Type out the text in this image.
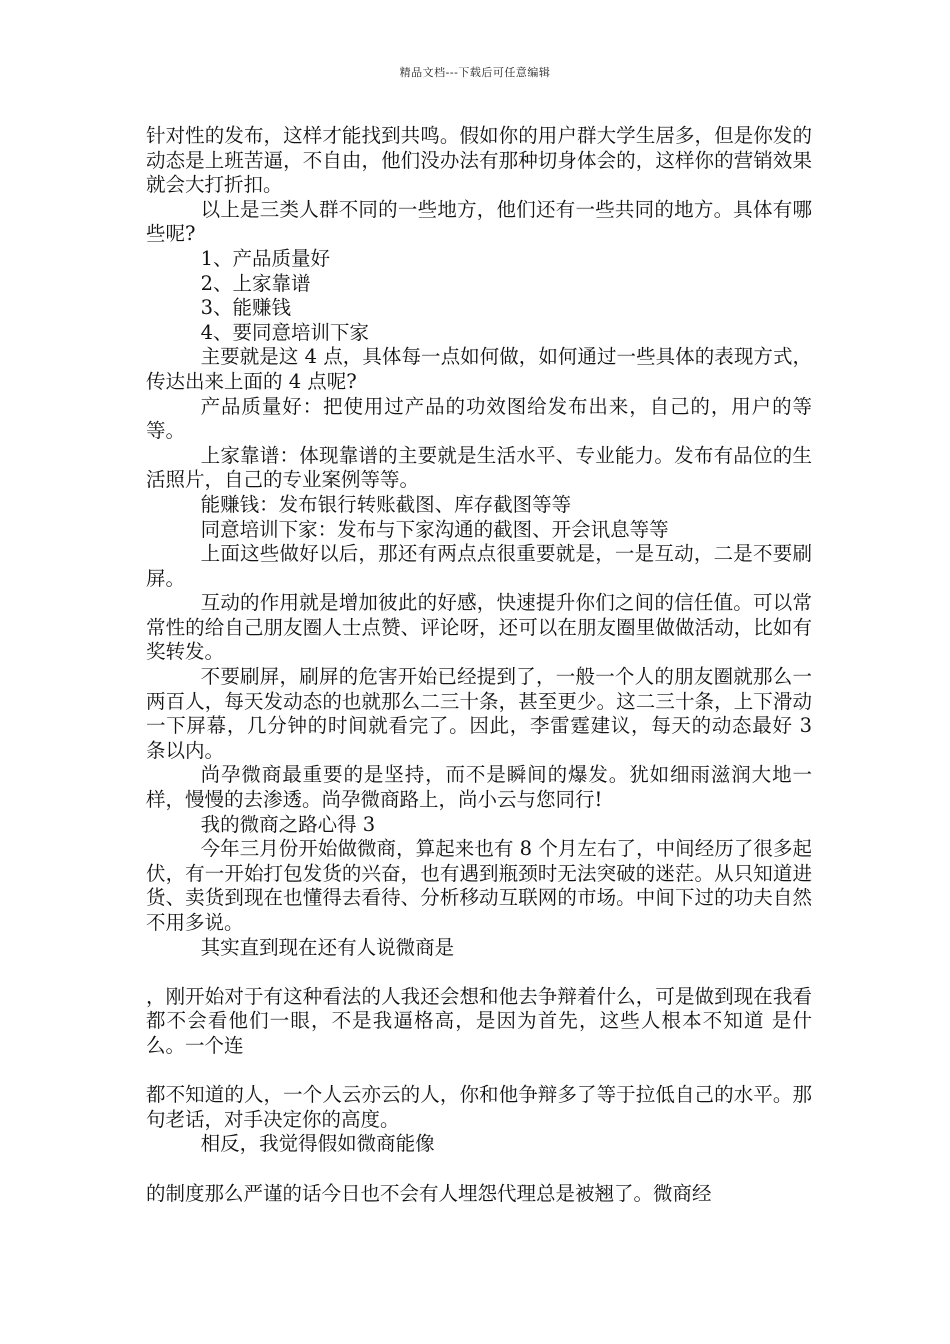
精品文档---下载后可任意编辑

针对性的发布，这样才能找到共鸣。假如你的用户群大学生居多，但是你发的动态是上班苦逼，不自由，他们没办法有那种切身体会的，这样你的营销效果就会大打折扣。

以上是三类人群不同的一些地方，他们还有一些共同的地方。具体有哪些呢?

1、产品质量好

2、上家靠谱

3、能赚钱

4、要同意培训下家

主要就是这 4 点，具体每一点如何做，如何通过一些具体的表现方式，传达出来上面的 4 点呢?

产品质量好：把使用过产品的功效图给发布出来，自己的，用户的等等。

上家靠谱：体现靠谱的主要就是生活水平、专业能力。发布有品位的生活照片，自己的专业案例等等。

能赚钱：发布银行转账截图、库存截图等等

同意培训下家：发布与下家沟通的截图、开会讯息等等

上面这些做好以后，那还有两点点很重要就是，一是互动，二是不要刷屏。

互动的作用就是增加彼此的好感，快速提升你们之间的信任值。可以常常性的给自己朋友圈人士点赞、评论呀，还可以在朋友圈里做做活动，比如有奖转发。

不要刷屏，刷屏的危害开始已经提到了，一般一个人的朋友圈就那么一两百人，每天发动态的也就那么二三十条，甚至更少。这二三十条，上下滑动一下屏幕，几分钟的时间就看完了。因此，李雷霆建议，每天的动态最好 3 条以内。

尚孕微商最重要的是坚持，而不是瞬间的爆发。犹如细雨滋润大地一样，慢慢的去渗透。尚孕微商路上，尚小云与您同行!

我的微商之路心得 3

今年三月份开始做微商，算起来也有 8 个月左右了，中间经历了很多起伏，有一开始打包发货的兴奋，也有遇到瓶颈时无法突破的迷茫。从只知道进货、卖货到现在也懂得去看待、分析移动互联网的市场。中间下过的功夫自然不用多说。

其实直到现在还有人说微商是

，刚开始对于有这种看法的人我还会想和他去争辩着什么，可是做到现在我看都不会看他们一眼，不是我逼格高，是因为首先，这些人根本不知道 是什么。一个连

都不知道的人，一个人云亦云的人，你和他争辩多了等于拉低自己的水平。那句老话，对手决定你的高度。

相反，我觉得假如微商能像

的制度那么严谨的话今日也不会有人埋怨代理总是被翘了。微商经
